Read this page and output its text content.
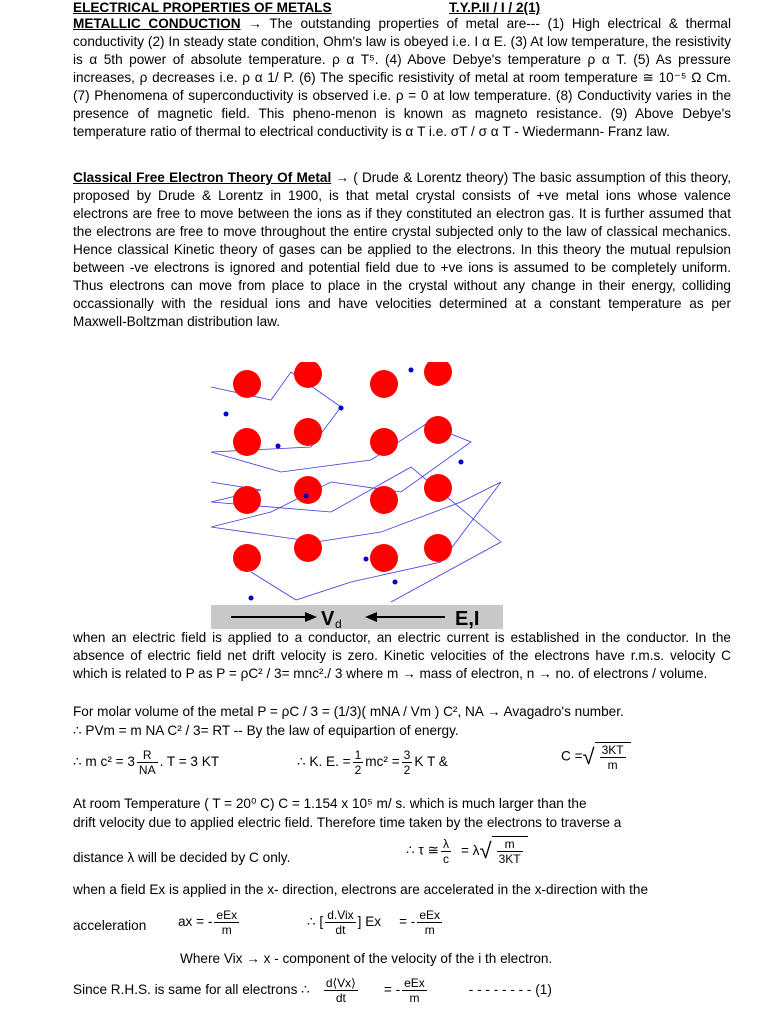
ELECTRICAL PROPERTIES OF METALS	T.Y.P.II / I / 2(1)
METALLIC CONDUCTION → The outstanding properties of metal are--- (1) High electrical & thermal conductivity (2) In steady state condition, Ohm's law is obeyed i.e. I α E. (3) At low temperature, the resistivity is α 5th power of absolute temperature. ρ α T⁵. (4) Above Debye's temperature ρ α T. (5) As pressure increases, ρ decreases i.e. ρ α 1/ P. (6) The specific resistivity of metal at room temperature ≅ 10⁻⁵ Ω Cm. (7) Phenomena of superconductivity is observed i.e. ρ = 0 at low temperature. (8) Conductivity varies in the presence of magnetic field. This pheno-menon is known as magneto resistance. (9) Above Debye's temperature ratio of thermal to electrical conductivity is α T i.e. σT / σ α T - Wiedermann- Franz law.
Classical Free Electron Theory Of Metal → ( Drude & Lorentz theory) The basic assumption of this theory, proposed by Drude & Lorentz in 1900, is that metal crystal consists of +ve metal ions whose valence electrons are free to move between the ions as if they constituted an electron gas. It is further assumed that the electrons are free to move throughout the entire crystal subjected only to the law of classical mechanics. Hence classical Kinetic theory of gases can be applied to the electrons. In this theory the mutual repulsion between -ve electrons is ignored and potential field due to +ve ions is assumed to be completely uniform. Thus electrons can move from place to place in the crystal without any change in their energy, colliding occassionally with the residual ions and have velocities determined at a constant temperature as per Maxwell-Boltzman distribution law.
when an electric field is applied to a conductor, an electric current is established in the conductor. In the absence of electric field net drift velocity is zero. Kinetic velocities of the electrons have r.m.s. velocity C which is related to P as P = ρC² / 3= mnc²./ 3 where m → mass of electron, n → no. of electrons / volume.
For molar volume of the metal P = ρC / 3 = (1/3)( mNA / Vm ) C², NA → Avagadro's number.
∴ PVm = m NA C² / 3= RT -- By the law of equipartion of energy.
∴ m $c^2 = 3 \frac{R}{NA}$ . T = 3 KT	∴ K. E. = $\frac{1}{2} mc^2 = \frac{3}{2}$ K T &	C =√ $\frac{3KT}{m}$
At room Temperature ( T = 20⁰ C) C = 1.154 x 10⁵ m/ s. which is much larger than the
drift velocity due to applied electric field. Therefore time taken by the electrons to traverse a
distance λ will be decided by C only.	∴ τ ≅ $\frac{\lambda}{c} = \lambda√ \frac{m}{3KT}$
when a field Ex is applied in the x- direction, electrons are accelerated in the x-direction with the
acceleration ax = - $\frac{\text{eEx}}{m}$	∴ [ $\frac{\text{d.Vix}}{dt}$ ] Ex = - $\frac{\text{eEx}}{m}$
Where Vix → x - component of the velocity of the i th electron.
Since R.H.S. is same for all electrons ∴ $\frac{d⟨Vx⟩}{dt}$ = - $\frac{\text{eEx}}{m}$	- - - - - - - - (1)
V d	E,I
